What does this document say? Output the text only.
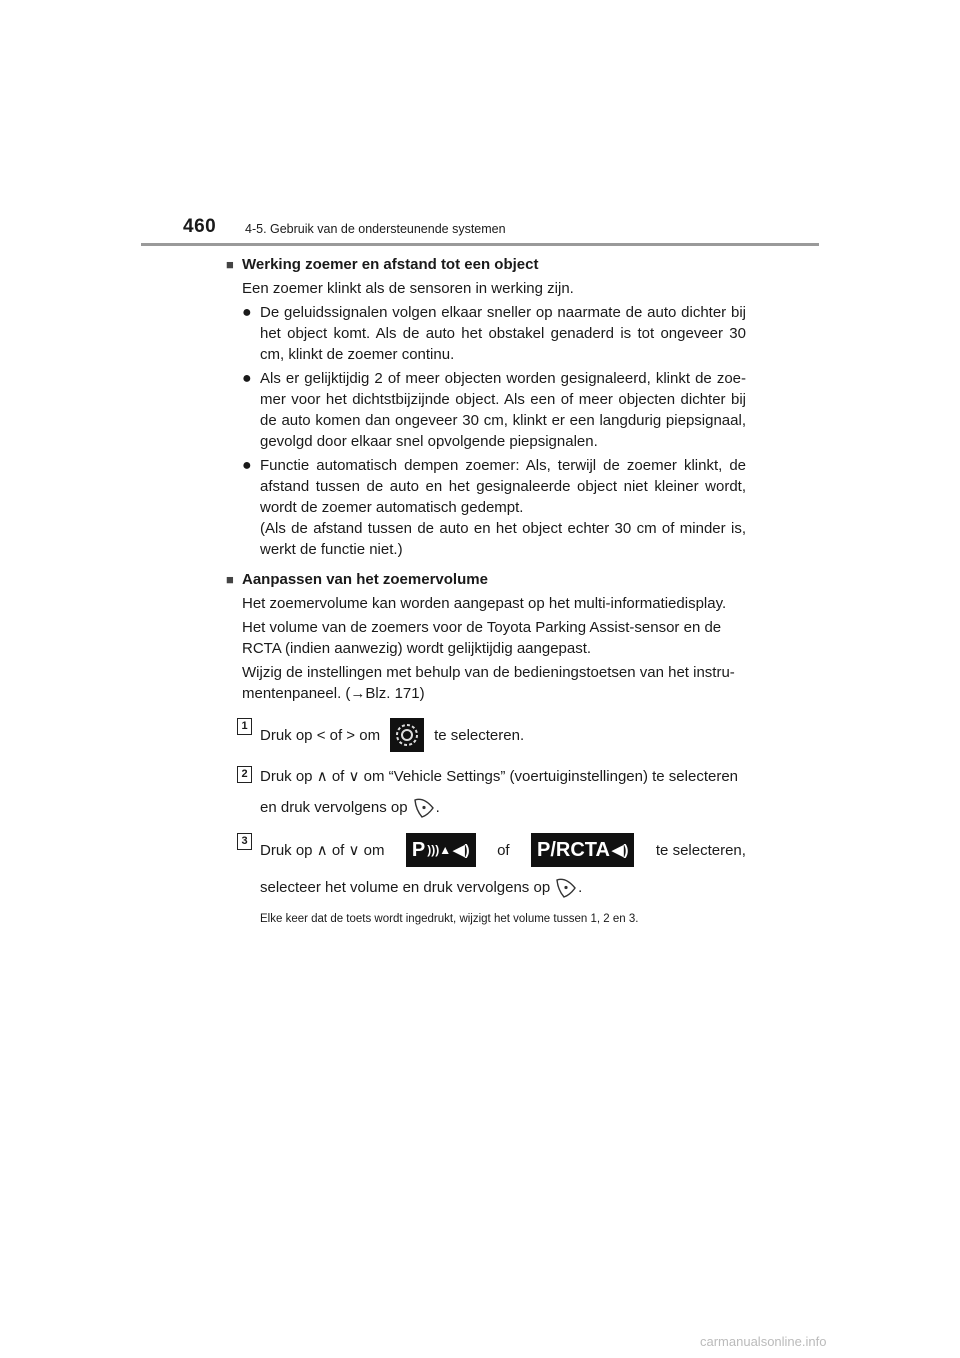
460 4-5. Gebruik van de ondersteunende systemen
■ Werking zoemer en afstand tot een object
Een zoemer klinkt als de sensoren in werking zijn.
● De geluidssignalen volgen elkaar sneller op naarmate de auto dichter bij het object komt. Als de auto het obstakel genaderd is tot ongeveer 30 cm, klinkt de zoemer continu.
● Als er gelijktijdig 2 of meer objecten worden gesignaleerd, klinkt de zoe-mer voor het dichtstbijzijnde object. Als een of meer objecten dichter bij de auto komen dan ongeveer 30 cm, klinkt er een langdurig piepsignaal, gevolgd door elkaar snel opvolgende piepsignalen.
● Functie automatisch dempen zoemer: Als, terwijl de zoemer klinkt, de afstand tussen de auto en het gesignaleerde object niet kleiner wordt, wordt de zoemer automatisch gedempt.
(Als de afstand tussen de auto en het object echter 30 cm of minder is, werkt de functie niet.)
■ Aanpassen van het zoemervolume
Het zoemervolume kan worden aangepast op het multi-informatiedisplay.
Het volume van de zoemers voor de Toyota Parking Assist-sensor en de RCTA (indien aanwezig) wordt gelijktijdig aangepast.
Wijzig de instellingen met behulp van de bedieningstoetsen van het instru-mentenpaneel. (→Blz. 171)
1
Druk op < of > om	te selecteren.
2 Druk op ∧ of ∨ om “Vehicle Settings” (voertuiginstellingen) te selecteren
en druk vervolgens op .
3
Druk op ∧ of ∨ om P )))▲ ◀) of P/RCTA ◀) te selecteren,
selecteer het volume en druk vervolgens op .
Elke keer dat de toets wordt ingedrukt, wijzigt het volume tussen 1, 2 en 3.
carmanualsonline.info
